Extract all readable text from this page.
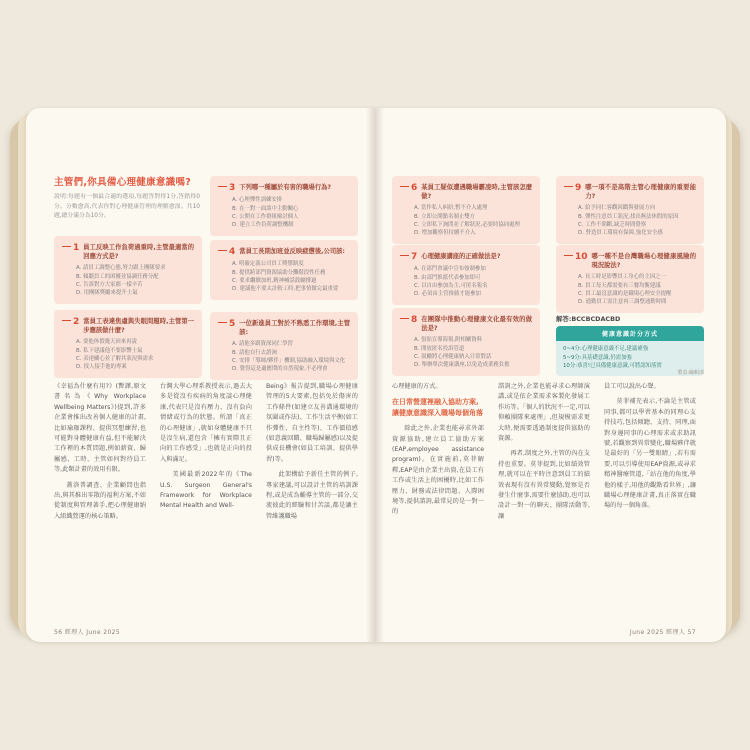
主管們,你具備心理健康意識嗎?
說明:每題有一個最合適的選項,每題答對得1分,答錯得0分。分數愈高,代表你對心理健康管理的理解愈深。共10題,總分滿分為10分。
1 員工反映工作負荷過重時,主管最適當的回應方式是?
A. 請員工調整心態,努力跟上團隊要求
B. 傾聽員工的困擾並協調任務分配
C. 告訴對方大家都一樣辛苦
D. 用團隊獎勵來提升士氣
2 當員工表達焦慮與失眠問題時,主管第一步應該做什麼?
A. 要他休假幾天回來再說
B. 私下建議他不要影響士氣
C. 表達關心並了解其狀況與需求
D. 找人接手他的專案
3 下列哪一種屬於有害的職場行為?
A. 心理彈性訓練安排
B. 在一對一面談中主動關心
C. 公開在工作群組檢討個人
D. 建立工作負荷調整機制
4 當員工長期加班並反映疲憊後,公司該:
A. 明確定義公司員工獎懲制度
B. 提供跨部門資源協助分攤階段性任務
C. 要求繼續加班,精神喊話鼓勵撐過
D. 建議他不要太計較工時,把事情做完最重要
5 一位新進員工對於不熟悉工作環境,主管該:
A. 請他多跟資深同仁學習
B. 請他自行去諮詢
C. 安排「導師/夥伴」機制,協助融入環境與文化
D. 覺得這是適應期的自然現象,不必理會
6 某員工疑似遭遇職場霸凌時,主管該怎麼做?
A. 當作私人糾紛,暫不介入處理
B. 立即公開點名制止雙方
C. 立即私下詢問並了解狀況,必要時協同處理
D. 增加觀察但持續不介入
7 心理健康講座的正確做法是?
A. 在部門會議中宣布強制參加
B. 由部門推派代表參加即可
C. 以自由參加為主,可匿名報名
D. 必須由主管推薦才能參加
8 在團隊中推動心理健康文化最有效的做法是?
A. 張貼宣導海報,附相關資料
B. 開放匿名投訴管道
C. 鼓勵將心理健康納入日常對話
D. 舉辦單次健康講座,以免造成業務負擔
9 哪一項不是高階主管心理健康的重要能力?
A. 給予同仁客觀回饋與發展方向
B. 彈性注意員工狀況,找出無法休假的原因
C. 工作不間斷,缺乏時間覺察
D. 營造員工環境有保障,強化安全感
10 哪一種不是台灣職場心理健康風險的現況說法?
A. 長工時是影響員工身心的主因之一
B. 員工每天都需要有三餐均衡建議
C. 員工最沒意識的是職場心理安全提醒
D. 通勤員工需注意再三調整通勤時間
解答:BCCBCDACBD
健康意識計分方式
0~4分:心理健康意識不足,建議補強
5~9分:具基礎意識,仍需加強
10分:恭喜!已具備健康意識,可將認知落實
製表:編輯部

《幸福為什麼有用?》(暫譯,原文書名為《Why Workplace Wellbeing Matters》)提到,許多企業會推出改善個人健康的計畫,比如瑜珈課程、提供冥想練習,也可能對身體健康有益,但不能解決工作裡的本質問題,例如薪資、歸屬感、工時、主管如何對待員工等,此類計畫的效用有限。

蓋洛普調查、企業顧問也指出,與其推出零散的福利方案,不如從制度與管理著手,把心理健康納入組織營運的核心策略。

台灣大學心理系教授表示,過去大多是從沒有疾病的角度談心理健康,代表只是沒有壓力、沒有負向情緒或行為的狀態。所謂「真正的心理健康」,就如身體健康不只是沒生病,還包含「擁有實際且正向的工作感受」,也就是正向的投入與滿足。

美國最新2022年的《The U.S. Surgeon General's Framework for Workplace Mental Health and Well-

Being》報告提到,職場心理健康管理的5大要素,包括免於傷害的工作條件(如建立友善溝通環境的氛圍或作法)、工作生活平衡(如工作彈性、自主性等)、工作價值感(如意義回饋、職場歸屬感)以及提供成長機會(如員工培訓、提供學習)等。

此架構給予新任主管的例子,專家建議,可以設計主管的培訓課程,或是成為輔導主管的一部分,交流彼此的經驗和甘苦談,都是讓主管維護職場

心理健康的方式。

在日常營運裡融入協助方案,讓健康意識深入職場每個角落

除此之外,企業也能尋求外部資源協助,建立員工協助方案(EAP,employee assistance program)。在實施前,莫菲解釋,EAP是由企業主出資,在員工有工作或生活上的困擾時,比如工作壓力、財務或法律問題、人際困境等,提供諮詢,最常見的是一對一的

諮詢之外,企業也能尋求心理師演講,或是依企業需求客製化發展工作坊等。「個人的狀況不一定,可以仰賴團隊來處理」,但規模需求更大時,便需要透過制度提供協助的資源。

再者,制度之外,主管的內在支持也重要。莫菲提到,比如績效管理,就可以在平時注意到員工的績效表現有沒有異常變動,覺察是否發生什麼事,需要什麼協助,也可以設計一對一的聊天、團隊活動等,讓

員工可以說出心聲。

莫菲補充表示,不論是主管或同事,都可以學習基本的同理心支持技巧,包括傾聽、支持、同理,面對身邊同事的心理需求或求助訊號,若觀察到異常變化,職場夥伴就是最好的「另一雙眼睛」,若有需要,可以引導使用EAP資源,或尋求精神醫療管道,「站在他的角度,學他的樣子,用他的觀點看世界」,讓職場心理健康計畫,真正落實在職場的每一個角落。

56 經理人 June 2025	June 2025 經理人 57
